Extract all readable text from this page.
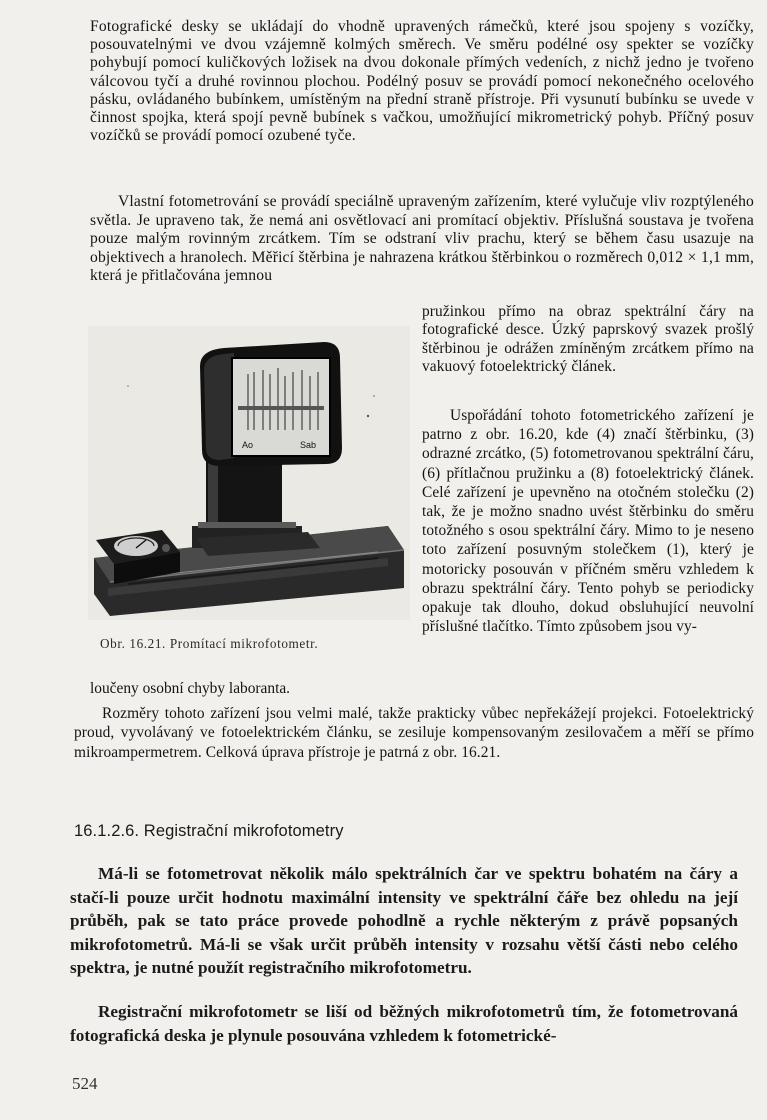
Fotografické desky se ukládají do vhodně upravených rámečků, které jsou spojeny s vozíčky, posouvatelnými ve dvou vzájemně kolmých směrech. Ve směru podélné osy spekter se vozíčky pohybují pomocí kuličkových ložisek na dvou dokonale přímých vedeních, z nichž jedno je tvořeno válcovou tyčí a druhé rovinnou plochou. Podélný posuv se provádí pomocí nekonečného ocelového pásku, ovládaného bubínkem, umístěným na přední straně přístroje. Při vysunutí bubínku se uvede v činnost spojka, která spojí pevně bubínek s vačkou, umožňující mikrometrický pohyb. Příčný posuv vozíčků se provádí pomocí ozubené tyče.

Vlastní fotometrování se provádí speciálně upraveným zařízením, které vylučuje vliv rozptýleného světla. Je upraveno tak, že nemá ani osvětlovací ani promítací objektiv. Příslušná soustava je tvořena pouze malým rovinným zrcátkem. Tím se odstraní vliv prachu, který se během času usazuje na objektivech a hranolech. Měřicí štěrbina je nahrazena krátkou štěrbinkou o rozměrech 0,012 × 1,1 mm, která je přitlačována jemnou

pružinkou přímo na obraz spektrální čáry na fotografické desce. Úzký paprskový svazek prošlý štěrbinou je odrážen zmíněným zrcátkem přímo na vakuový fotoelektrický článek.

Uspořádání tohoto fotometrického zařízení je patrno z obr. 16.20, kde (4) značí štěrbinku, (3) odrazné zrcátko, (5) fotometrovanou spektrální čáru, (6) přítlačnou pružinku a (8) fotoelektrický článek. Celé zařízení je upevněno na otočném stolečku (2) tak, že je možno snadno uvést štěrbinku do směru totožného s osou spektrální čáry. Mimo to je neseno toto zařízení posuvným stolečkem (1), který je motoricky posouván v příčném směru vzhledem k obrazu spektrální čáry. Tento pohyb se periodicky opakuje tak dlouho, dokud obsluhující neuvolní příslušné tlačítko. Tímto způsobem jsou vy-

Ao	Sab
Obr. 16.21. Promítací mikrofotometr.

loučeny osobní chyby laboranta.

Rozměry tohoto zařízení jsou velmi malé, takže prakticky vůbec nepřekážejí projekci. Fotoelektrický proud, vyvolávaný ve fotoelektrickém článku, se zesiluje kompensovaným zesilovačem a měří se přímo mikroampermetrem. Celková úprava přístroje je patrná z obr. 16.21.

16.1.2.6. Registrační mikrofotometry

Má-li se fotometrovat několik málo spektrálních čar ve spektru bohatém na čáry a stačí-li pouze určit hodnotu maximální intensity ve spektrální čáře bez ohledu na její průběh, pak se tato práce provede pohodlně a rychle některým z právě popsaných mikrofotometrů. Má-li se však určit průběh intensity v rozsahu větší části nebo celého spektra, je nutné použít registračního mikrofotometru.

Registrační mikrofotometr se liší od běžných mikrofotometrů tím, že fotometrovaná fotografická deska je plynule posouvána vzhledem k fotometrické-

524
